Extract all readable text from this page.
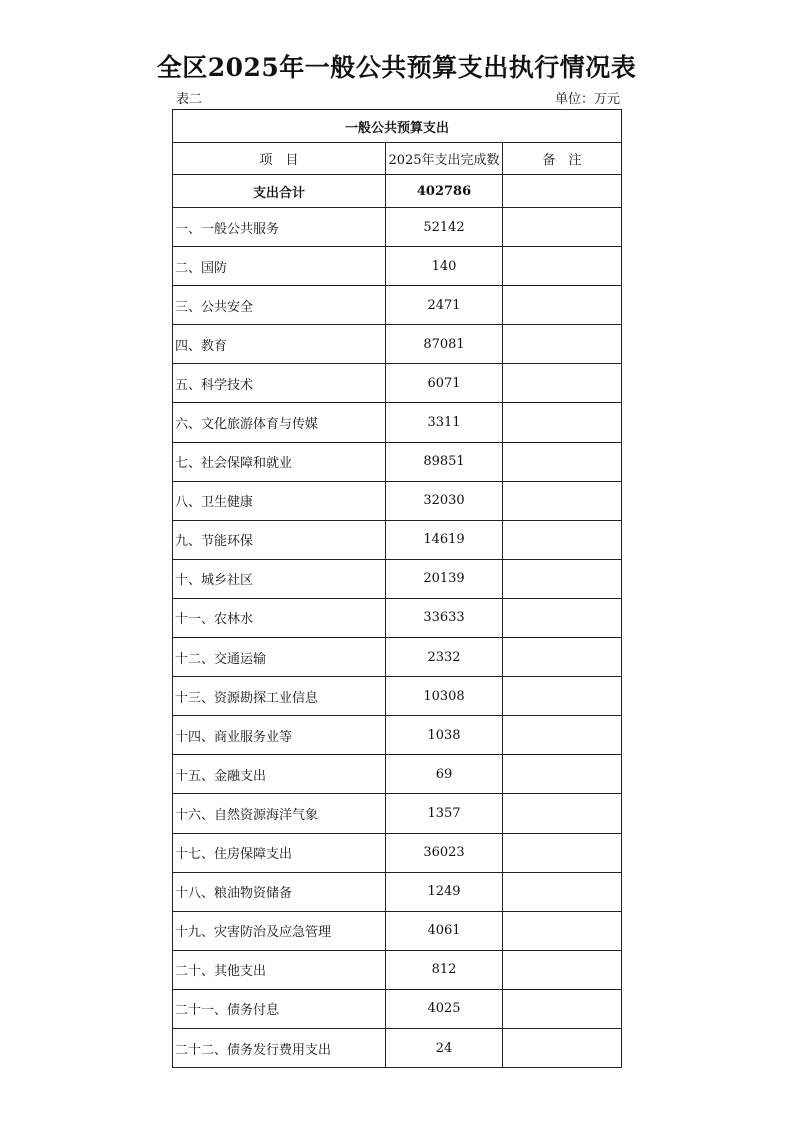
全区2025年一般公共预算支出执行情况表
表二	单位：万元
一般公共预算支出		
项　目	2025年支出完成数	备　注
支出合计	402786	
一、一般公共服务	52142	
二、国防	140	
三、公共安全	2471	
四、教育	87081	
五、科学技术	6071	
六、文化旅游体育与传媒	3311	
七、社会保障和就业	89851	
八、卫生健康	32030	
九、节能环保	14619	
十、城乡社区	20139	
十一、农林水	33633	
十二、交通运输	2332	
十三、资源勘探工业信息	10308	
十四、商业服务业等	1038	
十五、金融支出	69	
十六、自然资源海洋气象	1357	
十七、住房保障支出	36023	
十八、粮油物资储备	1249	
十九、灾害防治及应急管理	4061	
二十、其他支出	812	
二十一、债务付息	4025	
二十二、债务发行费用支出	24	
